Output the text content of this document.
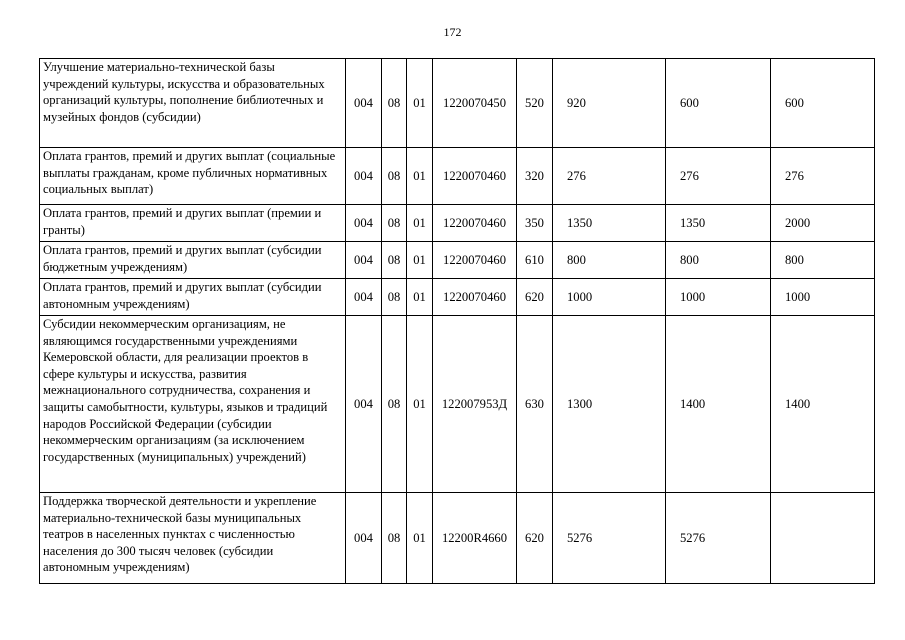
172
Улучшение материально-технической базы учреждений культуры, искусства и образовательных организаций культуры, пополнение библиотечных и музейных фондов (субсидии)	004	08	01	1220070450	520	920	600	600
Оплата грантов, премий и других выплат (социальные выплаты гражданам, кроме публичных нормативных социальных выплат)	004	08	01	1220070460	320	276	276	276
Оплата грантов, премий и других выплат (премии и гранты)	004	08	01	1220070460	350	1350	1350	2000
Оплата грантов, премий и других выплат (субсидии бюджетным учреждениям)	004	08	01	1220070460	610	800	800	800
Оплата грантов, премий и других выплат (субсидии автономным учреждениям)	004	08	01	1220070460	620	1000	1000	1000
Субсидии некоммерческим организациям, не являющимся государственными учреждениями Кемеровской области, для реализации проектов в сфере культуры и искусства, развития межнационального сотрудничества, сохранения и защиты самобытности, культуры, языков и традиций народов Российской Федерации (субсидии некоммерческим организациям (за исключением государственных (муниципальных) учреждений)	004	08	01	122007953Д	630	1300	1400	1400
Поддержка творческой деятельности и укрепление материально-технической базы муниципальных театров в населенных пунктах с численностью населения до 300 тысяч человек (субсидии автономным учреждениям)	004	08	01	12200R4660	620	5276	5276	
